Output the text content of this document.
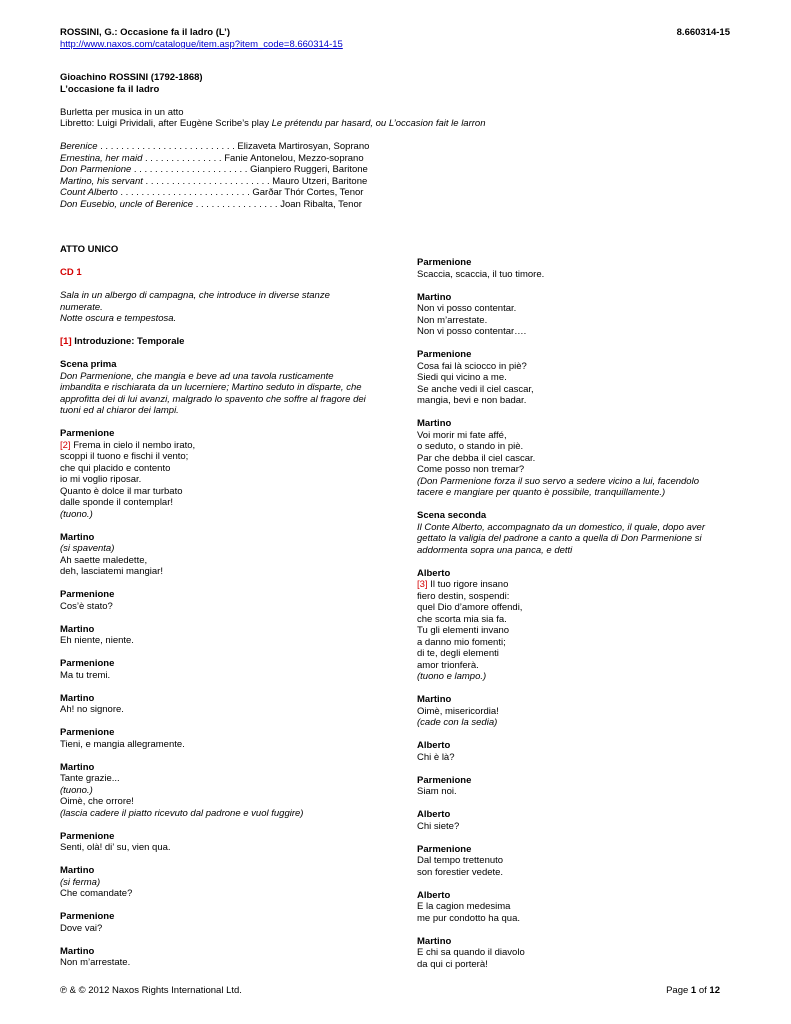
ROSSINI, G.: Occasione fa il ladro (L’)	8.660314-15
http://www.naxos.com/catalogue/item.asp?item_code=8.660314-15
Gioachino ROSSINI (1792-1868)
L’occasione fa il ladro
Burletta per musica in un atto
Libretto: Luigi Prividali, after Eugène Scribe’s play Le prétendu par hasard, ou L’occasion fait le larron
Berenice . . . . . . . . . . . . . . . . . . . . . . . . . . Elizaveta Martirosyan, Soprano
Ernestina, her maid . . . . . . . . . . . . . . . Fanie Antonelou, Mezzo-soprano
Don Parmenione . . . . . . . . . . . . . . . . . . . . . . Gianpiero Ruggeri, Baritone
Martino, his servant . . . . . . . . . . . . . . . . . . . . . . . . Mauro Utzeri, Baritone
Count Alberto . . . . . . . . . . . . . . . . . . . . . . . . . Garðar Thór Cortes, Tenor
Don Eusebio, uncle of Berenice . . . . . . . . . . . . . . . . Joan Ribalta, Tenor
ATTO UNICO
CD 1
Sala in un albergo di campagna, che introduce in diverse stanze
numerate.
Notte oscura e tempestosa.
[1] Introduzione: Temporale
Scena prima
Don Parmenione, che mangia e beve ad una tavola rusticamente
imbandita e rischiarata da un lucerniere; Martino seduto in disparte, che
approfitta dei di lui avanzi, malgrado lo spavento che soffre al fragore dei
tuoni ed al chiaror dei lampi.
Parmenione
[2] Frema in cielo il nembo irato,
scoppi il tuono e fischi il vento;
che qui placido e contento
io mi voglio riposar.
Quanto è dolce il mar turbato
dalle sponde il contemplar!
(tuono.)
Martino
(si spaventa)
Ah saette maledette,
deh, lasciatemi mangiar!
Parmenione
Cos’è stato?
Martino
Eh niente, niente.
Parmenione
Ma tu tremi.
Martino
Ah! no signore.
Parmenione
Tieni, e mangia allegramente.
Martino
Tante grazie...
(tuono.)
Oimè, che orrore!
(lascia cadere il piatto ricevuto dal padrone e vuol fuggire)
Parmenione
Senti, olà! di’ su, vien qua.
Martino
(si ferma)
Che comandate?
Parmenione
Dove vai?
Martino
Non m’arrestate.
Parmenione
Scaccia, scaccia, il tuo timore.
Martino
Non vi posso contentar.
Non m’arrestate.
Non vi posso contentar….
Parmenione
Cosa fai là sciocco in piè?
Siedi qui vicino a me.
Se anche vedi il ciel cascar,
mangia, bevi e non badar.
Martino
Voi morir mi fate affé,
o seduto, o stando in piè.
Par che debba il ciel cascar.
Come posso non tremar?
(Don Parmenione forza il suo servo a sedere vicino a lui, facendolo
tacere e mangiare per quanto è possibile, tranquillamente.)
Scena seconda
Il Conte Alberto, accompagnato da un domestico, il quale, dopo aver
gettato la valigia del padrone a canto a quella di Don Parmenione si
addormenta sopra una panca, e detti
Alberto
[3] Il tuo rigore insano
fiero destin, sospendi:
quel Dio d’amore offendi,
che scorta mia sia fa.
Tu gli elementi invano
a danno mio fomenti;
di te, degli elementi
amor trionferà.
(tuono e lampo.)
Martino
Oimè, misericordia!
(cade con la sedia)
Alberto
Chi è là?
Parmenione
Siam noi.
Alberto
Chi siete?
Parmenione
Dal tempo trettenuto
son forestier vedete.
Alberto
E la cagion medesima
me pur condotto ha qua.
Martino
E chi sa quando il diavolo
da qui ci porterà!
℗ & © 2012 Naxos Rights International Ltd.	Page 1 of 12
